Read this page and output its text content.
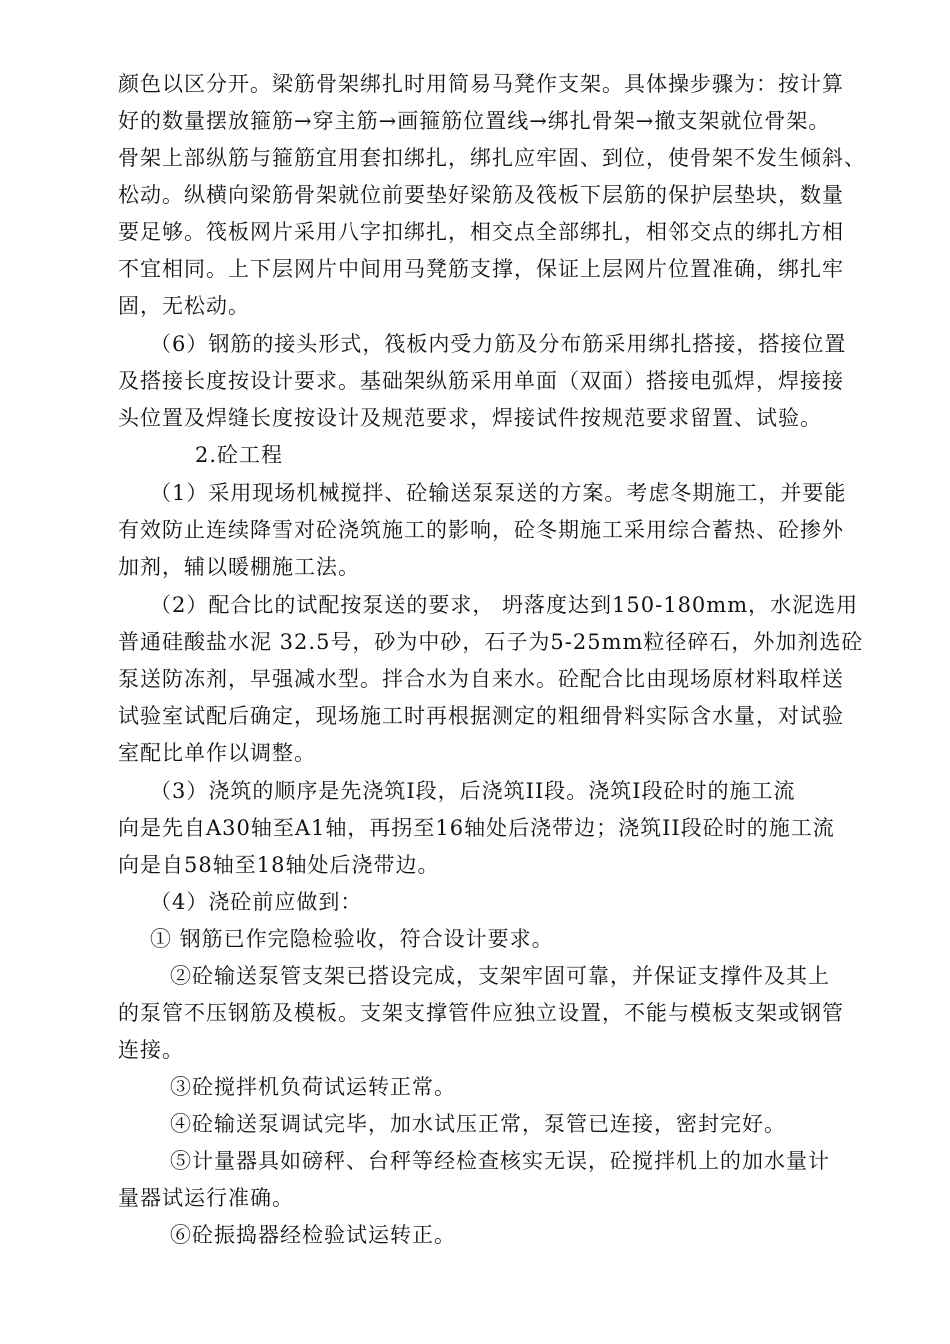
颜色以区分开。梁筋骨架绑扎时用简易马凳作支架。具体操步骤为：按计算
好的数量摆放箍筋→穿主筋→画箍筋位置线→绑扎骨架→撤支架就位骨架。
骨架上部纵筋与箍筋宜用套扣绑扎，绑扎应牢固、到位，使骨架不发生倾斜、
松动。纵横向梁筋骨架就位前要垫好梁筋及筏板下层筋的保护层垫块，数量
要足够。筏板网片采用八字扣绑扎，相交点全部绑扎，相邻交点的绑扎方相
不宜相同。上下层网片中间用马凳筋支撑，保证上层网片位置准确，绑扎牢
固，无松动。
（6）钢筋的接头形式，筏板内受力筋及分布筋采用绑扎搭接，搭接位置
及搭接长度按设计要求。基础架纵筋采用单面（双面）搭接电弧焊，焊接接
头位置及焊缝长度按设计及规范要求，焊接试件按规范要求留置、试验。
2.砼工程
（1）采用现场机械搅拌、砼输送泵泵送的方案。考虑冬期施工，并要能
有效防止连续降雪对砼浇筑施工的影响，砼冬期施工采用综合蓄热、砼掺外
加剂，辅以暖棚施工法。
（2）配合比的试配按泵送的要求， 坍落度达到150-180mm，水泥选用
普通硅酸盐水泥 32.5号，砂为中砂，石子为5-25mm粒径碎石，外加剂选砼
泵送防冻剂，早强减水型。拌合水为自来水。砼配合比由现场原材料取样送
试验室试配后确定，现场施工时再根据测定的粗细骨料实际含水量，对试验
室配比单作以调整。
（3）浇筑的顺序是先浇筑I段，后浇筑II段。浇筑I段砼时的施工流
向是先自A30轴至A1轴，再拐至16轴处后浇带边；浇筑II段砼时的施工流
向是自58轴至18轴处后浇带边。
（4）浇砼前应做到：
① 钢筋已作完隐检验收，符合设计要求。
②砼输送泵管支架已搭设完成，支架牢固可靠，并保证支撑件及其上
的泵管不压钢筋及模板。支架支撑管件应独立设置，不能与模板支架或钢管
连接。
③砼搅拌机负荷试运转正常。
④砼输送泵调试完毕，加水试压正常，泵管已连接，密封完好。
⑤计量器具如磅秤、台秤等经检查核实无误，砼搅拌机上的加水量计
量器试运行准确。
⑥砼振捣器经检验试运转正。
